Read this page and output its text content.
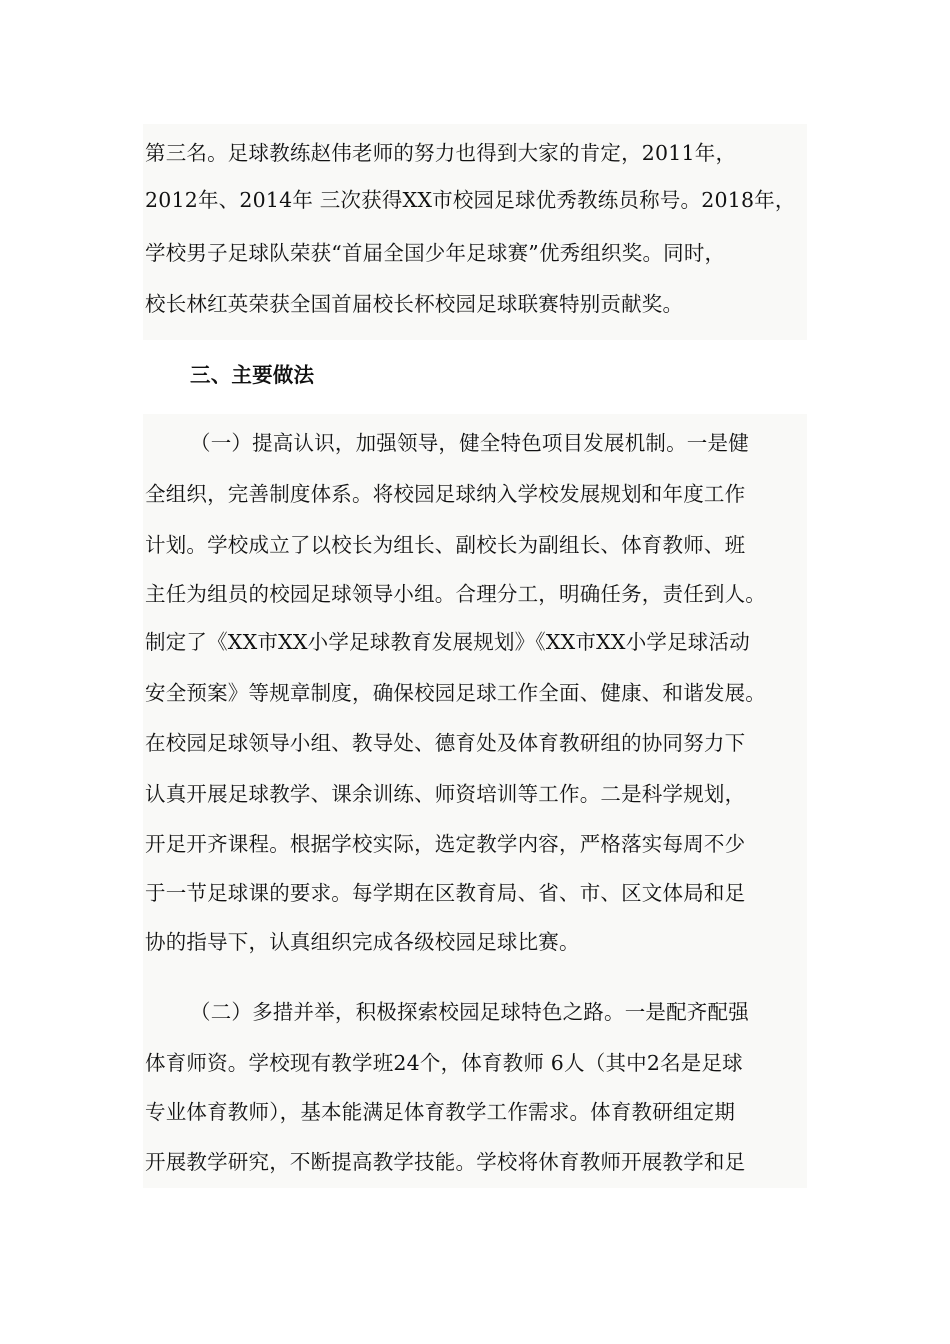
第三名。足球教练赵伟老师的努力也得到大家的肯定，2011年，
2012年、2014年 三次获得XX市校园足球优秀教练员称号。2018年，
学校男子足球队荣获“首届全国少年足球赛”优秀组织奖。同时，
校长林红英荣获全国首届校长杯校园足球联赛特别贡献奖。
三、主要做法
（一）提高认识，加强领导，健全特色项目发展机制。一是健
全组织，完善制度体系。将校园足球纳入学校发展规划和年度工作
计划。学校成立了以校长为组长、副校长为副组长、体育教师、班
主任为组员的校园足球领导小组。合理分工，明确任务，责任到人。
制定了《XX市XX小学足球教育发展规划》《XX市XX小学足球活动
安全预案》等规章制度，确保校园足球工作全面、健康、和谐发展。
在校园足球领导小组、教导处、德育处及体育教研组的协同努力下
认真开展足球教学、课余训练、师资培训等工作。二是科学规划，
开足开齐课程。根据学校实际，选定教学内容，严格落实每周不少
于一节足球课的要求。每学期在区教育局、省、市、区文体局和足
协的指导下，认真组织完成各级校园足球比赛。
（二）多措并举，积极探索校园足球特色之路。一是配齐配强
体育师资。学校现有教学班24个，体育教师 6人（其中2名是足球
专业体育教师），基本能满足体育教学工作需求。体育教研组定期
开展教学研究，不断提高教学技能。学校将休育教师开展教学和足
